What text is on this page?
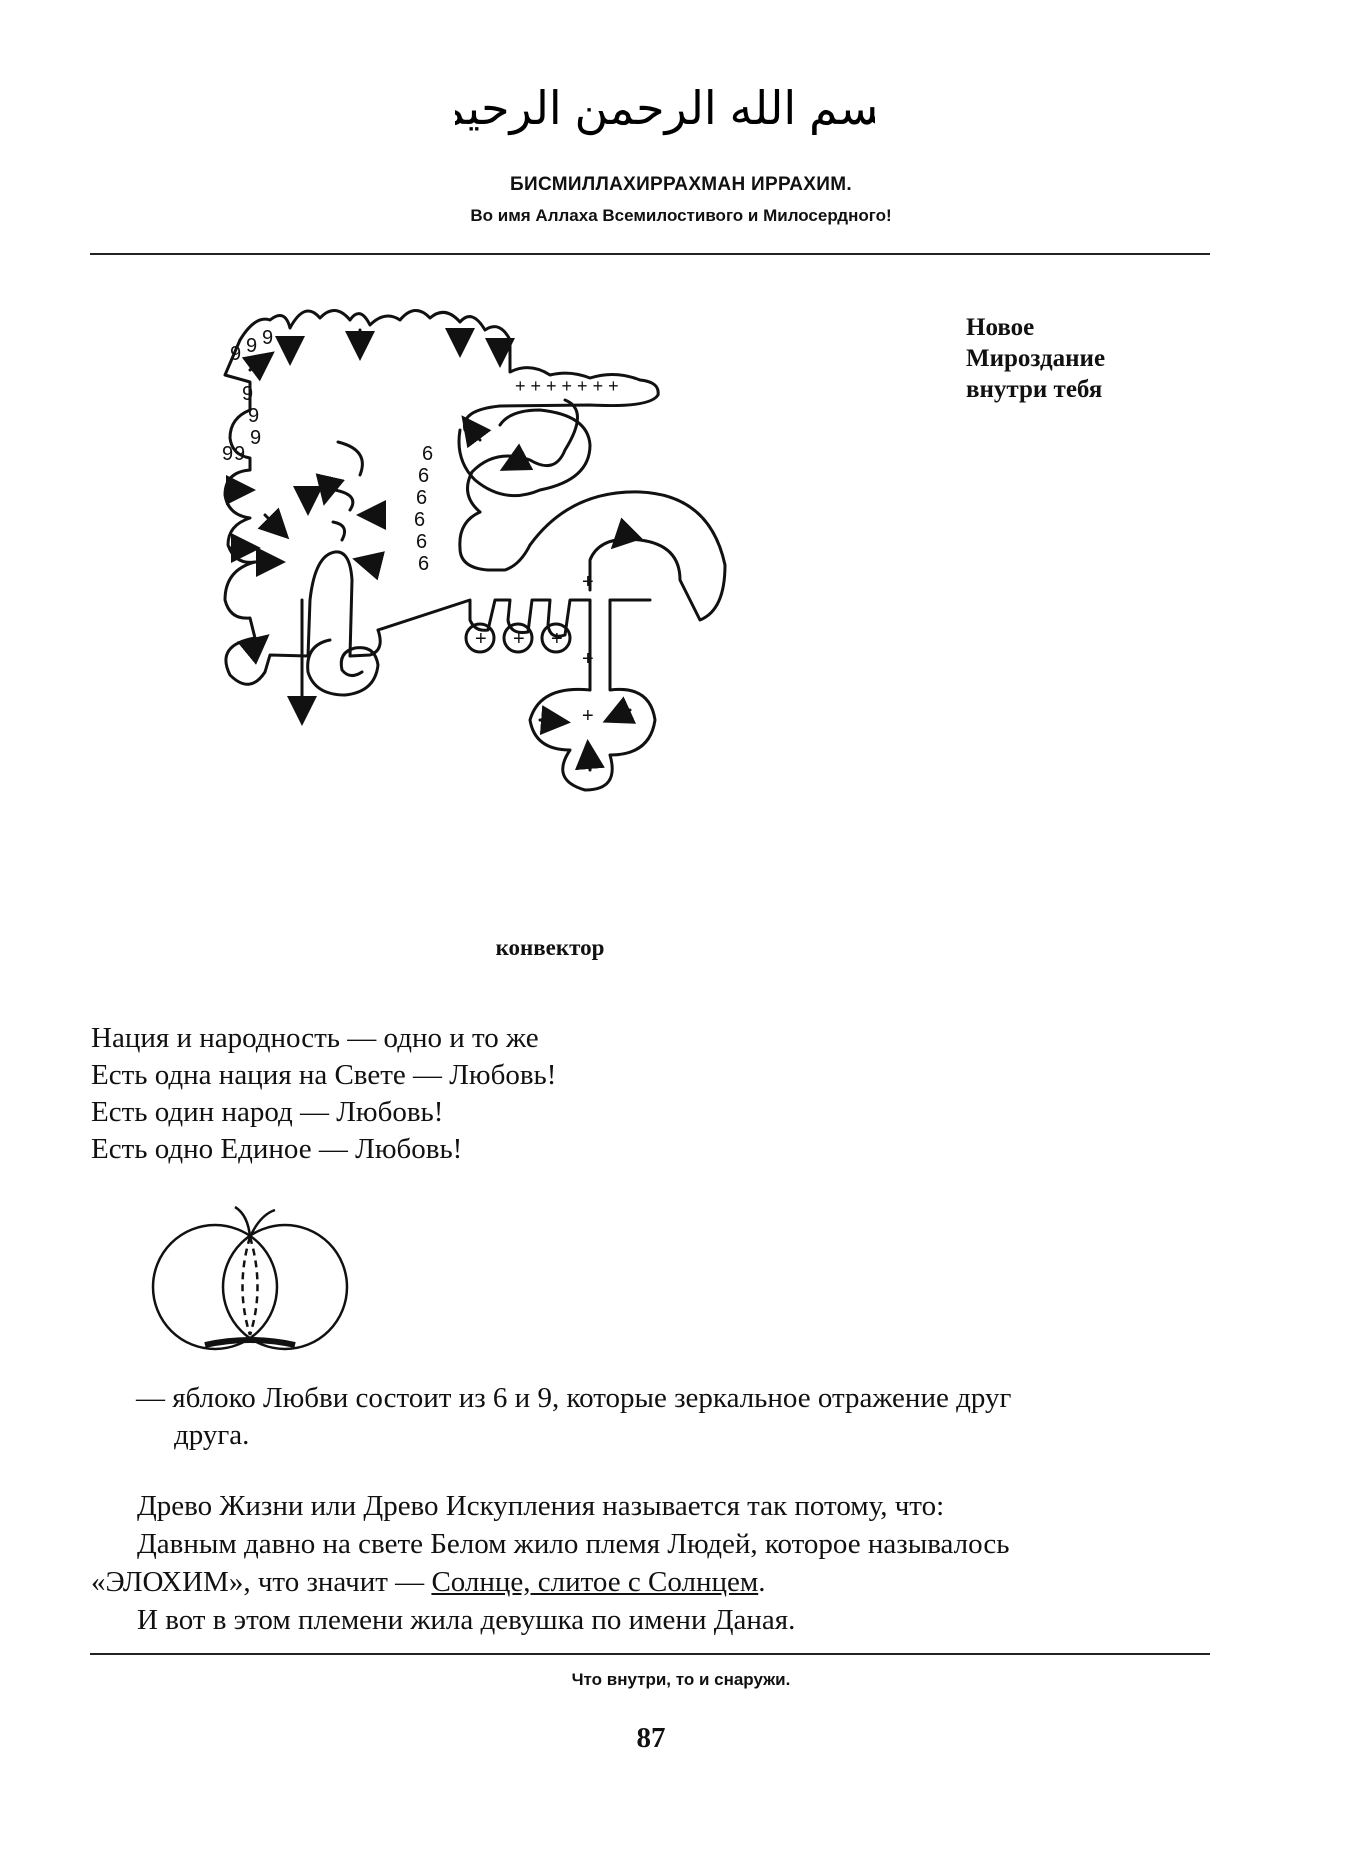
بسم الله الرحمن الرحيم
БИСМИЛЛАХИРРАХМАН ИРРАХИМ.
Во имя Аллаха Всемилостивого и Милосердного!
Новое
Мироздание
внутри тебя
9 9 9
9
9
9
9 9	6
6
6
6
6
6
+ + + + + + +
+ + +
+
+
+
конвектор
Нация и народность — одно и то же
Есть одна нация на Свете — Любовь!
Есть один народ — Любовь!
Есть одно Единое — Любовь!
— яблоко Любви состоит из 6 и 9, которые зеркальное отражение друг
друга.
Древо Жизни или Древо Искупления называется так потому, что:
Давным давно на свете Белом жило племя Людей, которое называлось
«ЭЛОХИМ», что значит — Солнце, слитое с Солнцем.
И вот в этом племени жила девушка по имени Даная.
Что внутри, то и снаружи.
87
